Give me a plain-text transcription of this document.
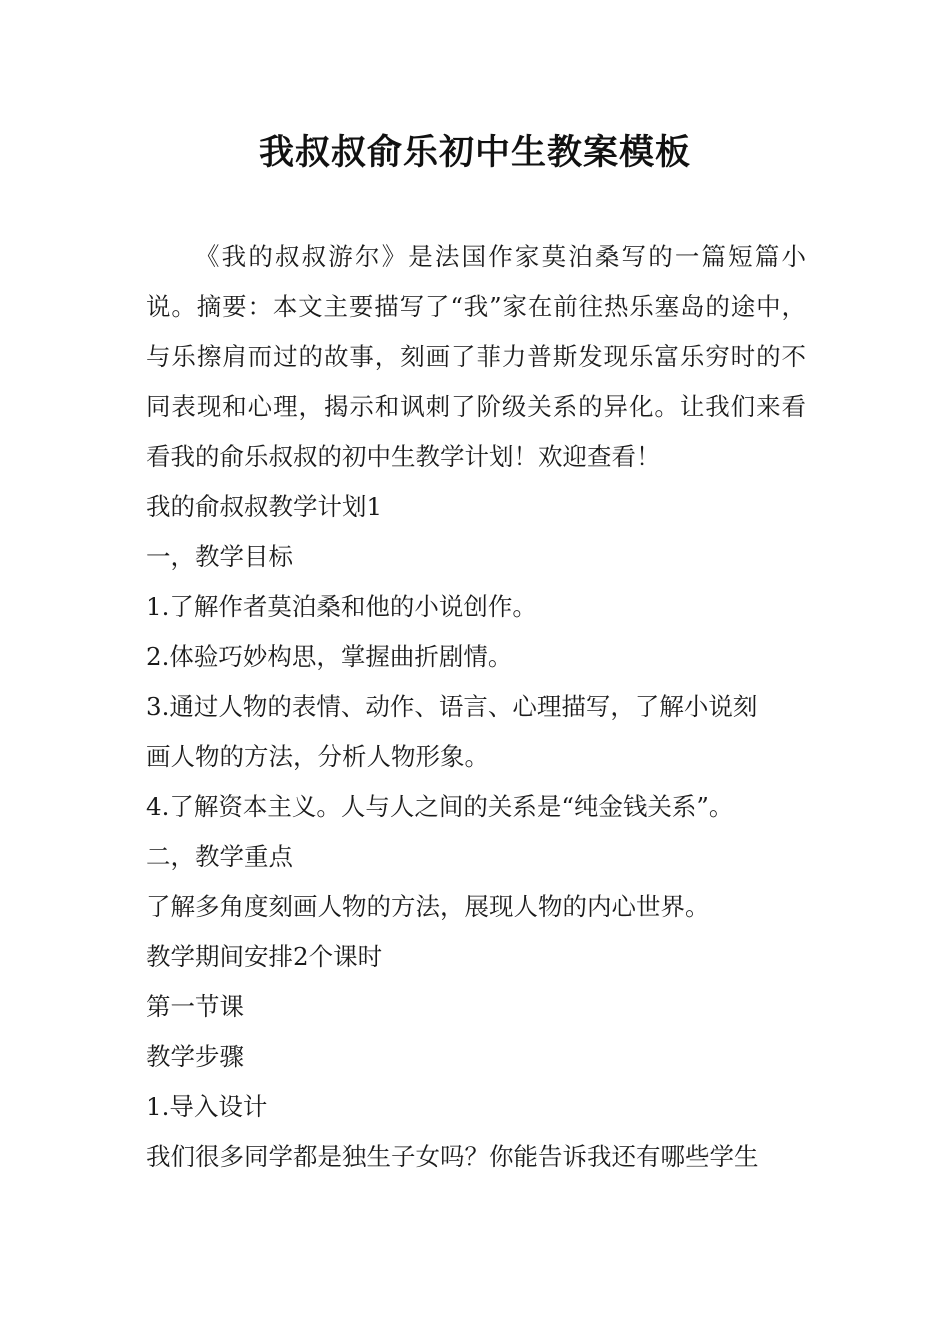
我叔叔俞乐初中生教案模板

《我的叔叔游尔》是法国作家莫泊桑写的一篇短篇小说。摘要：本文主要描写了“我”家在前往热乐塞岛的途中，与乐擦肩而过的故事，刻画了菲力普斯发现乐富乐穷时的不同表现和心理，揭示和讽刺了阶级关系的异化。让我们来看看我的俞乐叔叔的初中生教学计划！欢迎查看！

我的俞叔叔教学计划1

一，教学目标

1.了解作者莫泊桑和他的小说创作。

2.体验巧妙构思，掌握曲折剧情。

3.通过人物的表情、动作、语言、心理描写，了解小说刻

画人物的方法，分析人物形象。

4.了解资本主义。人与人之间的关系是“纯金钱关系”。

二，教学重点

了解多角度刻画人物的方法，展现人物的内心世界。

教学期间安排2个课时

第一节课

教学步骤

1.导入设计

我们很多同学都是独生子女吗？你能告诉我还有哪些学生
